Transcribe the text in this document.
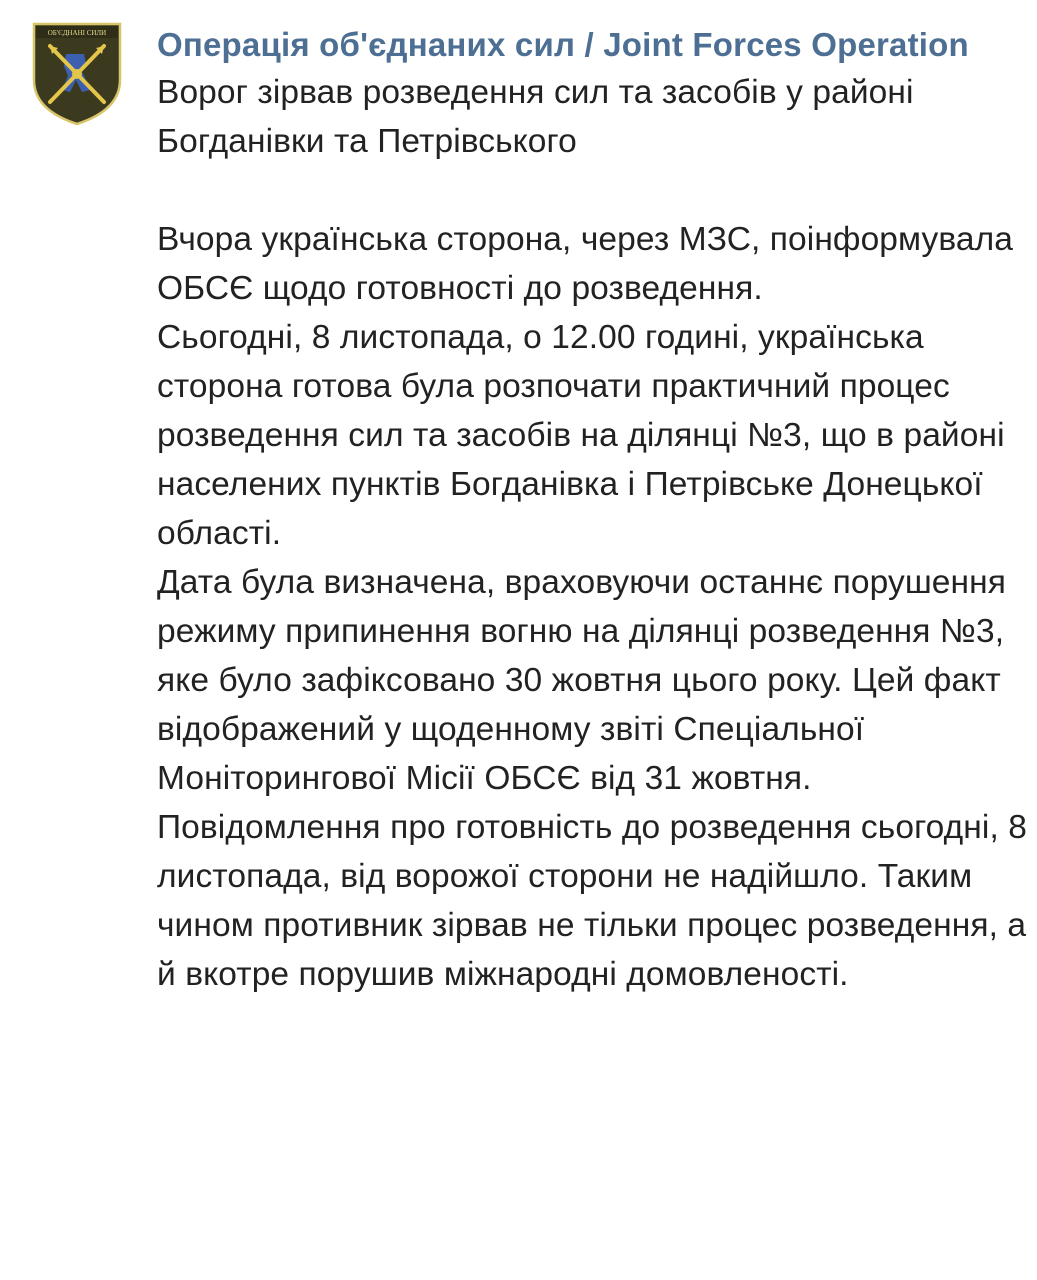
ОБ'ЄДНАНІ СИЛИ Операція об'єднаних сил / Joint Forces Operation

Ворог зірвав розведення сил та засобів у районі Богданівки та Петрівського

Вчора українська сторона, через МЗС, поінформувала ОБСЄ щодо готовності до розведення.

Сьогодні, 8 листопада, о 12.00 годині, українська сторона готова була розпочати практичний процес розведення сил та засобів на ділянці №3, що в районі населених пунктів Богданівка і Петрівське Донецької області.

Дата була визначена, враховуючи останнє порушення режиму припинення вогню на ділянці розведення №3, яке було зафіксовано 30 жовтня цього року. Цей факт відображений у щоденному звіті Спеціальної Моніторингової Місії ОБСЄ від 31 жовтня.

Повідомлення про готовність до розведення сьогодні, 8 листопада, від ворожої сторони не надійшло. Таким чином противник зірвав не тільки процес розведення, а й вкотре порушив міжнародні домовленості.
